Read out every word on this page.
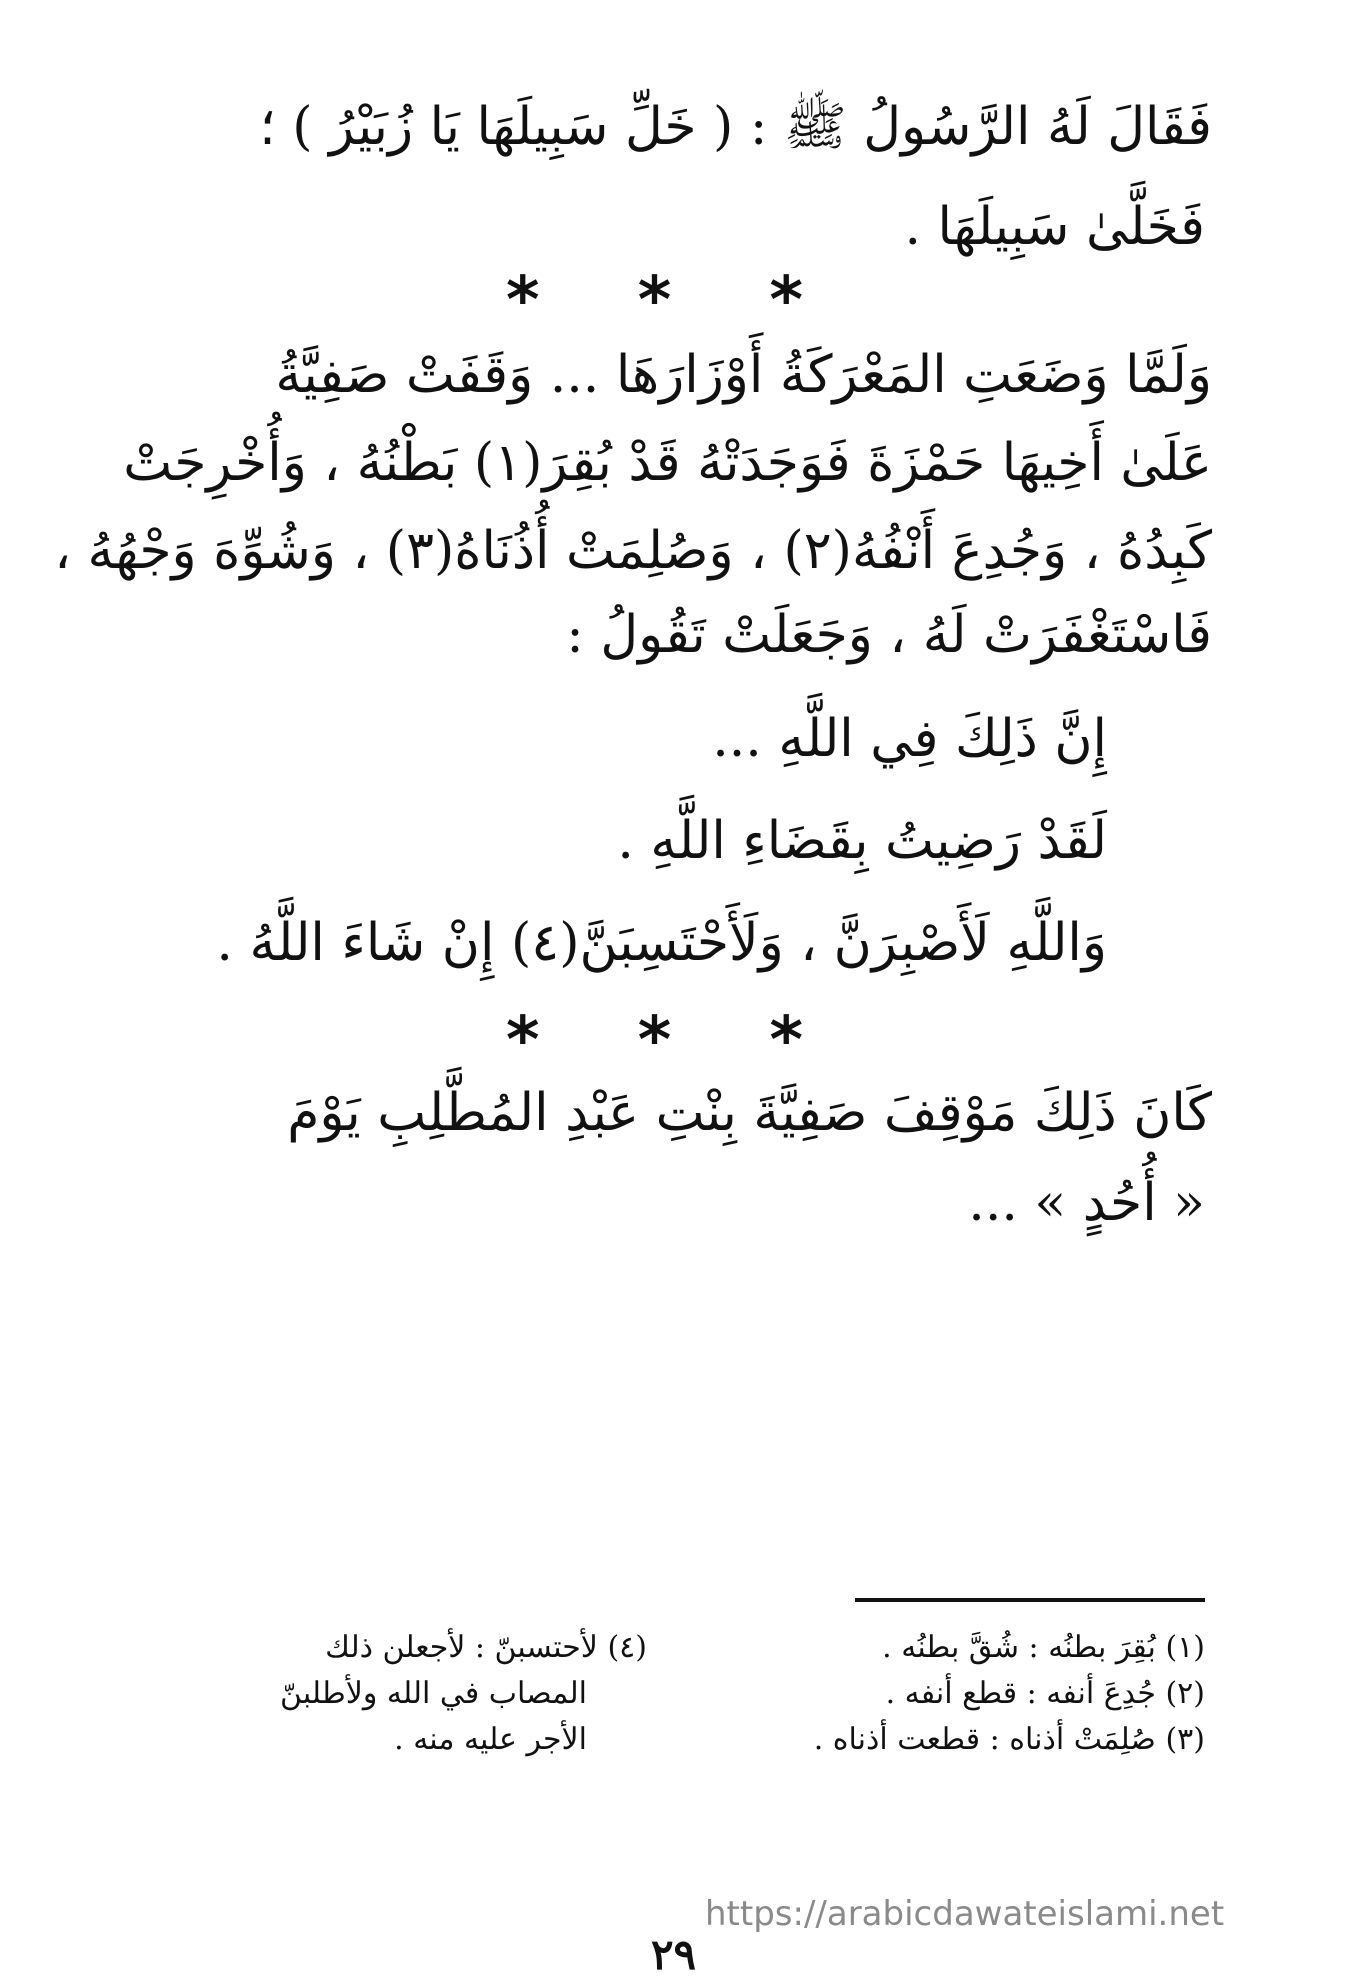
فَقَالَ لَهُ الرَّسُولُ ﷺ : ( خَلِّ سَبِيلَهَا يَا زُبَيْرُ ) ؛
فَخَلَّىٰ سَبِيلَهَا .
* * *
وَلَمَّا وَضَعَتِ المَعْرَكَةُ أَوْزَارَهَا ... وَقَفَتْ صَفِيَّةُ
عَلَىٰ أَخِيهَا حَمْزَةَ فَوَجَدَتْهُ قَدْ بُقِرَ(١) بَطْنُهُ ، وَأُخْرِجَتْ
كَبِدُهُ ، وَجُدِعَ أَنْفُهُ(٢) ، وَصُلِمَتْ أُذُنَاهُ(٣) ، وَشُوِّهَ وَجْهُهُ ،
فَاسْتَغْفَرَتْ لَهُ ، وَجَعَلَتْ تَقُولُ :
إِنَّ ذَلِكَ فِي اللَّهِ ...
لَقَدْ رَضِيتُ بِقَضَاءِ اللَّهِ .
وَاللَّهِ لَأَصْبِرَنَّ ، وَلَأَحْتَسِبَنَّ(٤) إِنْ شَاءَ اللَّهُ .
* * *
كَانَ ذَلِكَ مَوْقِفَ صَفِيَّةَ بِنْتِ عَبْدِ المُطَّلِبِ يَوْمَ
« أُحُدٍ » ...
(١) بُقِرَ بطنُه : شُقَّ بطنُه .
(٢) جُدِعَ أنفه : قطع أنفه .
(٣) صُلِمَتْ أذناه : قطعت أذناه .
(٤) لأحتسبنّ : لأجعلن ذلك
المصاب في الله ولأطلبنّ
الأجر عليه منه .
٢٩
https://arabicdawateislami.net
